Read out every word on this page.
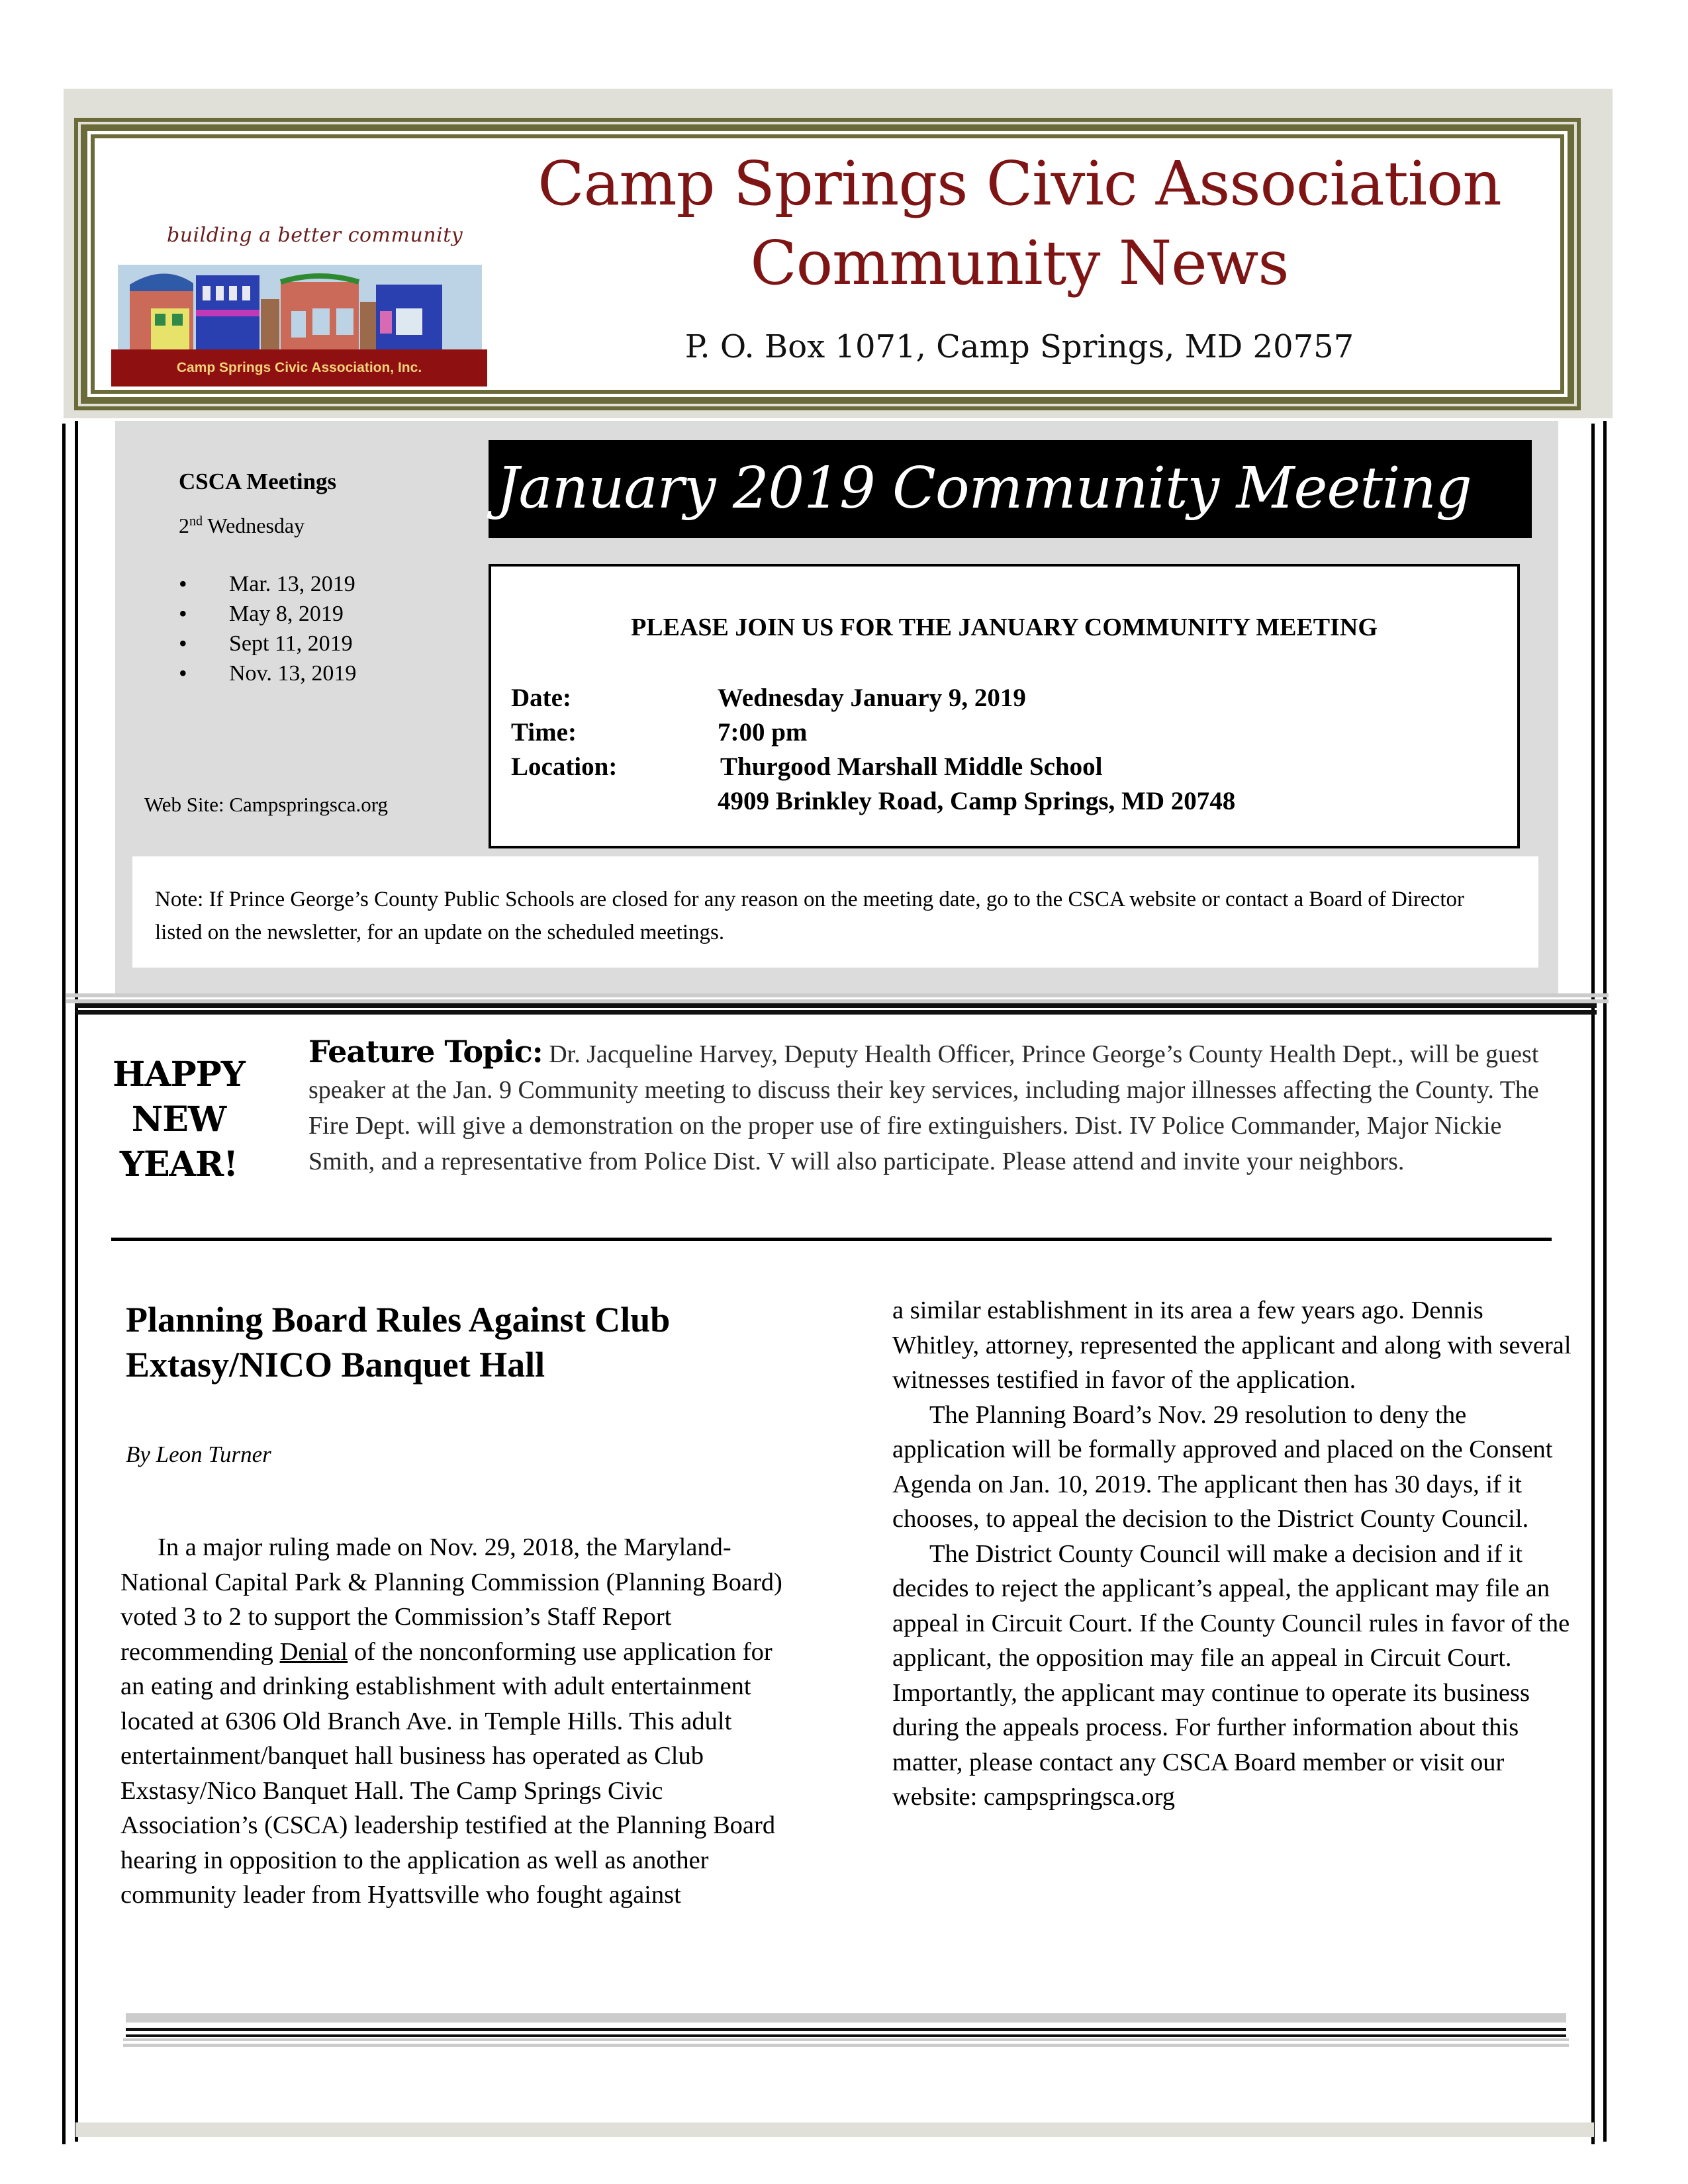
building a better community
Camp Springs Civic Association, Inc.
Camp Springs Civic Association
Community News
P. O. Box 1071, Camp Springs, MD 20757
CSCA Meetings
2nd Wednesday
• Mar. 13, 2019
• May 8, 2019
• Sept 11, 2019
• Nov. 13, 2019
Web Site: Campspringsca.org
January 2019 Community Meeting
PLEASE JOIN US FOR THE JANUARY COMMUNITY MEETING
Date:	Wednesday January 9, 2019
Time:	7:00 pm
Location:	Thurgood Marshall Middle School
4909 Brinkley Road, Camp Springs, MD 20748

Note: If Prince George’s County Public Schools are closed for any reason on the meeting date, go to the CSCA website or contact a Board of Director listed on the newsletter, for an update on the scheduled meetings.

HAPPY
NEW
YEAR!
Feature Topic: Dr. Jacqueline Harvey, Deputy Health Officer, Prince George’s County Health Dept., will be guest speaker at the Jan. 9 Community meeting to discuss their key services, including major illnesses affecting the County. The Fire Dept. will give a demonstration on the proper use of fire extinguishers. Dist. IV Police Commander, Major Nickie Smith, and a representative from Police Dist. V will also participate. Please attend and invite your neighbors.
Planning Board Rules Against Club Extasy/NICO Banquet Hall
By Leon Turner

In a major ruling made on Nov. 29, 2018, the Maryland-National Capital Park & Planning Commission (Planning Board) voted 3 to 2 to support the Commission’s Staff Report recommending Denial of the nonconforming use application for an eating and drinking establishment with adult entertainment located at 6306 Old Branch Ave. in Temple Hills. This adult entertainment/banquet hall business has operated as Club Exstasy/Nico Banquet Hall. The Camp Springs Civic Association’s (CSCA) leadership testified at the Planning Board hearing in opposition to the application as well as another community leader from Hyattsville who fought against

a similar establishment in its area a few years ago. Dennis Whitley, attorney, represented the applicant and along with several witnesses testified in favor of the application.

The Planning Board’s Nov. 29 resolution to deny the application will be formally approved and placed on the Consent Agenda on Jan. 10, 2019. The applicant then has 30 days, if it chooses, to appeal the decision to the District County Council.

The District County Council will make a decision and if it decides to reject the applicant’s appeal, the applicant may file an appeal in Circuit Court. If the County Council rules in favor of the applicant, the opposition may file an appeal in Circuit Court. Importantly, the applicant may continue to operate its business during the appeals process. For further information about this matter, please contact any CSCA Board member or visit our website: campspringsca.org
